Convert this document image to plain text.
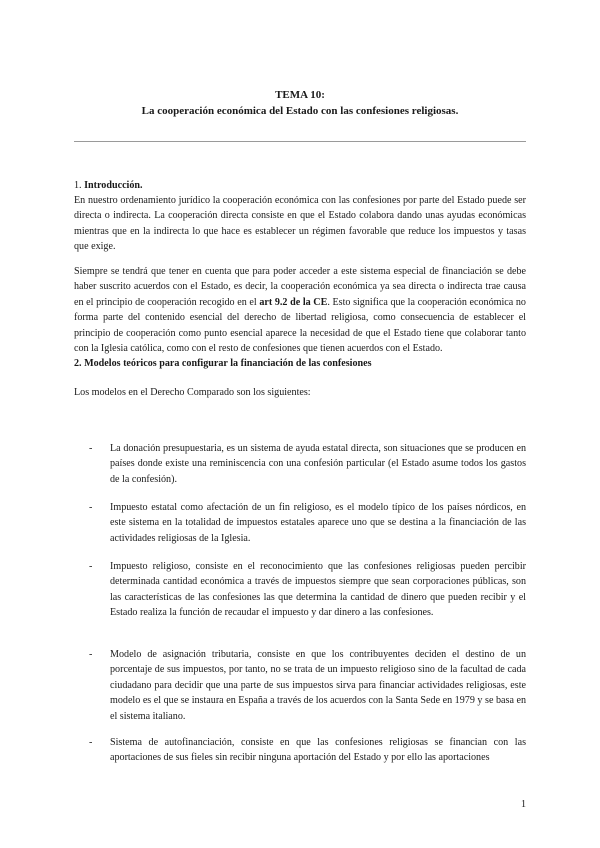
TEMA 10:
La cooperación económica del Estado con las confesiones religiosas.
1. Introducción.

En nuestro ordenamiento jurídico la cooperación económica con las confesiones por parte del Estado puede ser directa o indirecta. La cooperación directa consiste en que el Estado colabora dando unas ayudas económicas mientras que en la indirecta lo que hace es establecer un régimen favorable que reduce los impuestos y tasas que exige.

Siempre se tendrá que tener en cuenta que para poder acceder a este sistema especial de financiación se debe haber suscrito acuerdos con el Estado, es decir, la cooperación económica ya sea directa o indirecta trae causa en el principio de cooperación recogido en el art 9.2 de la CE. Esto significa que la cooperación económica no forma parte del contenido esencial del derecho de libertad religiosa, como consecuencia de establecer el principio de cooperación como punto esencial aparece la necesidad de que el Estado tiene que colaborar tanto con la Iglesia católica, como con el resto de confesiones que tienen acuerdos con el Estado.

2. Modelos teóricos para configurar la financiación de las confesiones

Los modelos en el Derecho Comparado son los siguientes:

- La donación presupuestaria, es un sistema de ayuda estatal directa, son situaciones que se producen en países donde existe una reminiscencia con una confesión particular (el Estado asume todos los gastos de la confesión).

- Impuesto estatal como afectación de un fin religioso, es el modelo típico de los países nórdicos, en este sistema en la totalidad de impuestos estatales aparece uno que se destina a la financiación de las actividades religiosas de la Iglesia.

- Impuesto religioso, consiste en el reconocimiento que las confesiones religiosas pueden percibir determinada cantidad económica a través de impuestos siempre que sean corporaciones públicas, son las características de las confesiones las que determina la cantidad de dinero que pueden recibir y el Estado realiza la función de recaudar el impuesto y dar dinero a las confesiones.

- Modelo de asignación tributaria, consiste en que los contribuyentes deciden el destino de un porcentaje de sus impuestos, por tanto, no se trata de un impuesto religioso sino de la facultad de cada ciudadano para decidir que una parte de sus impuestos sirva para financiar actividades religiosas, este modelo es el que se instaura en España a través de los acuerdos con la Santa Sede en 1979 y se basa en el sistema italiano.

- Sistema de autofinanciación, consiste en que las confesiones religiosas se financian con las aportaciones de sus fieles sin recibir ninguna aportación del Estado y por ello las aportaciones

1
